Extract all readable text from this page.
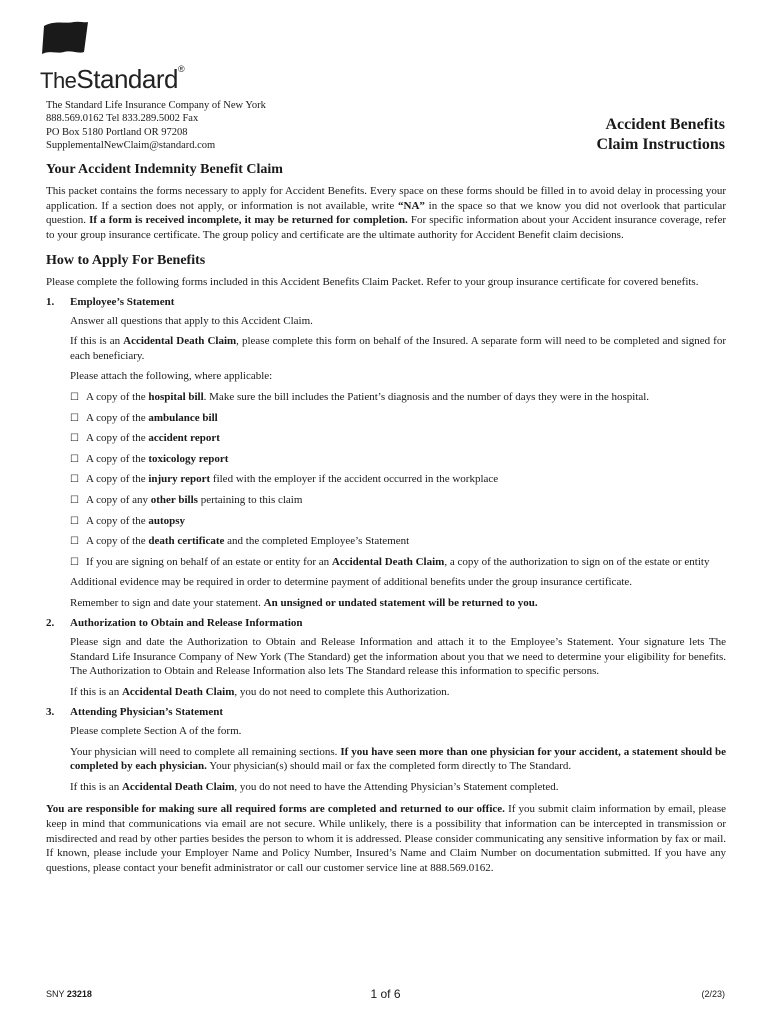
TheStandard®
The Standard Life Insurance Company of New York
888.569.0162 Tel 833.289.5002 Fax
PO Box 5180 Portland OR 97208
SupplementalNewClaim@standard.com
Accident Benefits
Claim Instructions
Your Accident Indemnity Benefit Claim

This packet contains the forms necessary to apply for Accident Benefits. Every space on these forms should be filled in to avoid delay in processing your application. If a section does not apply, or information is not available, write “NA” in the space so that we know you did not overlook that particular question. If a form is received incomplete, it may be returned for completion. For specific information about your Accident insurance coverage, refer to your group insurance certificate. The group policy and certificate are the ultimate authority for Accident Benefit claim decisions.

How to Apply For Benefits

Please complete the following forms included in this Accident Benefits Claim Packet. Refer to your group insurance certificate for covered benefits.

1. Employee’s Statement

Answer all questions that apply to this Accident Claim.

If this is an Accidental Death Claim, please complete this form on behalf of the Insured. A separate form will need to be completed and signed for each beneficiary.

Please attach the following, where applicable:

☐ A copy of the hospital bill. Make sure the bill includes the Patient’s diagnosis and the number of days they were in the hospital.
☐ A copy of the ambulance bill
☐ A copy of the accident report
☐ A copy of the toxicology report
☐ A copy of the injury report filed with the employer if the accident occurred in the workplace
☐ A copy of any other bills pertaining to this claim
☐ A copy of the autopsy
☐ A copy of the death certificate and the completed Employee’s Statement
☐ If you are signing on behalf of an estate or entity for an Accidental Death Claim, a copy of the authorization to sign on of the estate or entity

Additional evidence may be required in order to determine payment of additional benefits under the group insurance certificate.

Remember to sign and date your statement. An unsigned or undated statement will be returned to you.

2. Authorization to Obtain and Release Information

Please sign and date the Authorization to Obtain and Release Information and attach it to the Employee’s Statement. Your signature lets The Standard Life Insurance Company of New York (The Standard) get the information about you that we need to determine your eligibility for benefits. The Authorization to Obtain and Release Information also lets The Standard release this information to specific persons.

If this is an Accidental Death Claim, you do not need to complete this Authorization.

3. Attending Physician’s Statement

Please complete Section A of the form.

Your physician will need to complete all remaining sections. If you have seen more than one physician for your accident, a statement should be completed by each physician. Your physician(s) should mail or fax the completed form directly to The Standard.

If this is an Accidental Death Claim, you do not need to have the Attending Physician’s Statement completed.

You are responsible for making sure all required forms are completed and returned to our office. If you submit claim information by email, please keep in mind that communications via email are not secure. While unlikely, there is a possibility that information can be intercepted in transmission or misdirected and read by other parties besides the person to whom it is addressed. Please consider communicating any sensitive information by fax or mail. If known, please include your Employer Name and Policy Number, Insured’s Name and Claim Number on documentation submitted. If you have any questions, please contact your benefit administrator or call our customer service line at 888.569.0162.

SNY 23218	1 of 6	(2/23)
